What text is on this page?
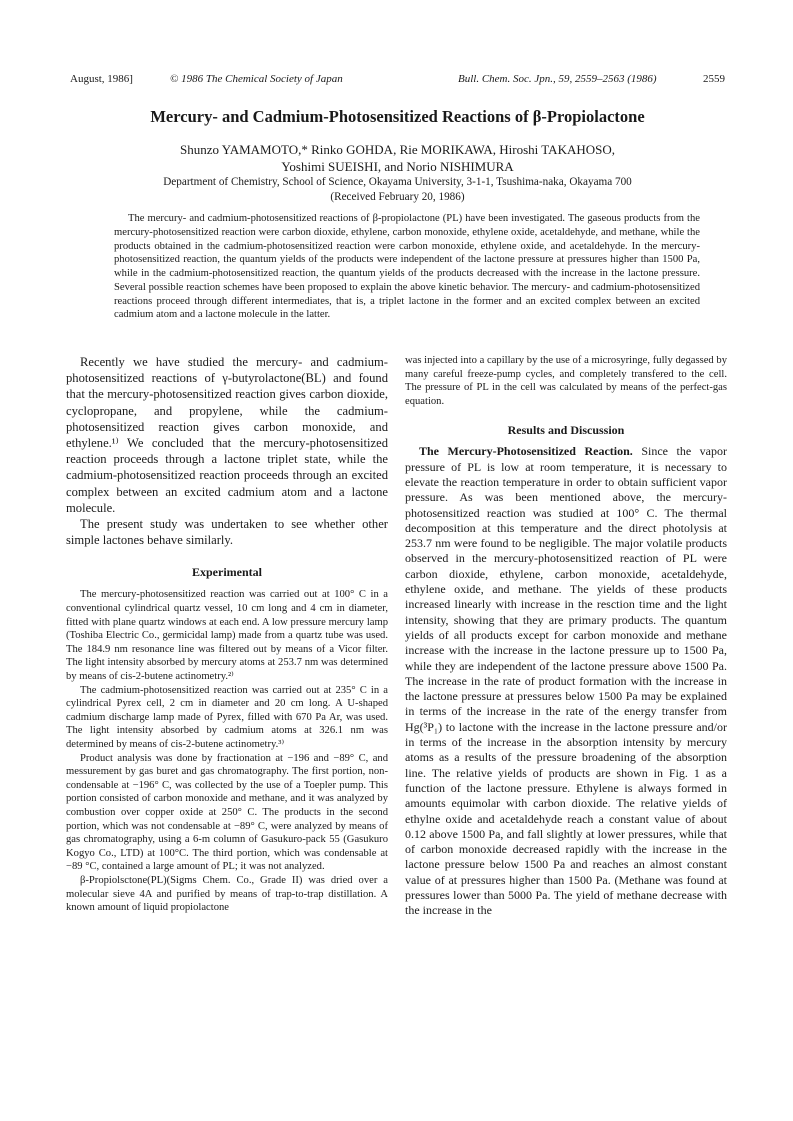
August, 1986]	© 1986 The Chemical Society of Japan	Bull. Chem. Soc. Jpn., 59, 2559–2563 (1986)	2559
Mercury- and Cadmium-Photosensitized Reactions of β-Propiolactone
Shunzo YAMAMOTO,* Rinko GOHDA, Rie MORIKAWA, Hiroshi TAKAHOSO,
Yoshimi SUEISHI, and Norio NISHIMURA
Department of Chemistry, School of Science, Okayama University, 3-1-1, Tsushima-naka, Okayama 700
(Received February 20, 1986)

The mercury- and cadmium-photosensitized reactions of β-propiolactone (PL) have been investigated. The gaseous products from the mercury-photosensitized reaction were carbon dioxide, ethylene, carbon monoxide, ethylene oxide, acetaldehyde, and methane, while the products obtained in the cadmium-photosensitized reaction were carbon monoxide, ethylene oxide, and acetaldehyde. In the mercury-photosensitized reaction, the quantum yields of the products were independent of the lactone pressure at pressures higher than 1500 Pa, while in the cadmium-photosensitized reaction, the quantum yields of the products decreased with the increase in the lactone pressure. Several possible reaction schemes have been proposed to explain the above kinetic behavior. The mercury- and cadmium-photosensitized reactions proceed through different intermediates, that is, a triplet lactone in the former and an excited complex between an excited cadmium atom and a lactone molecule in the latter.

Recently we have studied the mercury- and cadmium-photosensitized reactions of γ-butyrolactone(BL) and found that the mercury-photosensitized reaction gives carbon dioxide, cyclopropane, and propylene, while the cadmium-photosensitized reaction gives carbon monoxide, and ethylene.¹⁾ We concluded that the mercury-photosensitized reaction proceeds through a lactone triplet state, while the cadmium-photosensitized reaction proceeds through an excited complex between an excited cadmium atom and a lactone molecule.

The present study was undertaken to see whether other simple lactones behave similarly.

Experimental

The mercury-photosensitized reaction was carried out at 100° C in a conventional cylindrical quartz vessel, 10 cm long and 4 cm in diameter, fitted with plane quartz windows at each end. A low pressure mercury lamp (Toshiba Electric Co., germicidal lamp) made from a quartz tube was used. The 184.9 nm resonance line was filtered out by means of a Vicor filter. The light intensity absorbed by mercury atoms at 253.7 nm was determined by means of cis-2-butene actinometry.²⁾

The cadmium-photosensitized reaction was carried out at 235° C in a cylindrical Pyrex cell, 2 cm in diameter and 20 cm long. A U-shaped cadmium discharge lamp made of Pyrex, filled with 670 Pa Ar, was used. The light intensity absorbed by cadmium atoms at 326.1 nm was determined by means of cis-2-butene actinometry.³⁾

Product analysis was done by fractionation at −196 and −89° C, and messurement by gas buret and gas chromatography. The first portion, non-condensable at −196° C, was collected by the use of a Toepler pump. This portion consisted of carbon monoxide and methane, and it was analyzed by combustion over copper oxide at 250° C. The products in the second portion, which was not condensable at −89° C, were analyzed by means of gas chromatography, using a 6-m column of Gasukuro-pack 55 (Gasukuro Kogyo Co., LTD) at 100°C. The third portion, which was condensable at −89 °C, contained a large amount of PL; it was not analyzed.

β-Propiolsctone(PL)(Sigms Chem. Co., Grade II) was dried over a molecular sieve 4A and purified by means of trap-to-trap distillation. A known amount of liquid propiolactone

was injected into a capillary by the use of a microsyringe, fully degassed by many careful freeze-pump cycles, and completely transfered to the cell. The pressure of PL in the cell was calculated by means of the perfect-gas equation.

Results and Discussion

The Mercury-Photosensitized Reaction. Since the vapor pressure of PL is low at room temperature, it is necessary to elevate the reaction temperature in order to obtain sufficient vapor pressure. As was been mentioned above, the mercury-photosensitized reaction was studied at 100° C. The thermal decomposition at this temperature and the direct photolysis at 253.7 nm were found to be negligible. The major volatile products observed in the mercury-photosensitized reaction of PL were carbon dioxide, ethylene, carbon monoxide, acetaldehyde, ethylene oxide, and methane. The yields of these products increased linearly with increase in the resction time and the light intensity, showing that they are primary products. The quantum yields of all products except for carbon monoxide and methane increase with the increase in the lactone pressure up to 1500 Pa, while they are independent of the lactone pressure above 1500 Pa. The increase in the rate of product formation with the increase in the lactone pressure at pressures below 1500 Pa may be explained in terms of the increase in the rate of the energy transfer from Hg(³P₁) to lactone with the increase in the lactone pressure and/or in terms of the increase in the absorption intensity by mercury atoms as a results of the pressure broadening of the absorption line. The relative yields of products are shown in Fig. 1 as a function of the lactone pressure. Ethylene is always formed in amounts equimolar with carbon dioxide. The relative yields of ethylne oxide and acetaldehyde reach a constant value of about 0.12 above 1500 Pa, and fall slightly at lower pressures, while that of carbon monoxide decreased rapidly with the increase in the lactone pressure below 1500 Pa and reaches an almost constant value of at pressures higher than 1500 Pa. (Methane was found at pressures lower than 5000 Pa. The yield of methane decrease with the increase in the
